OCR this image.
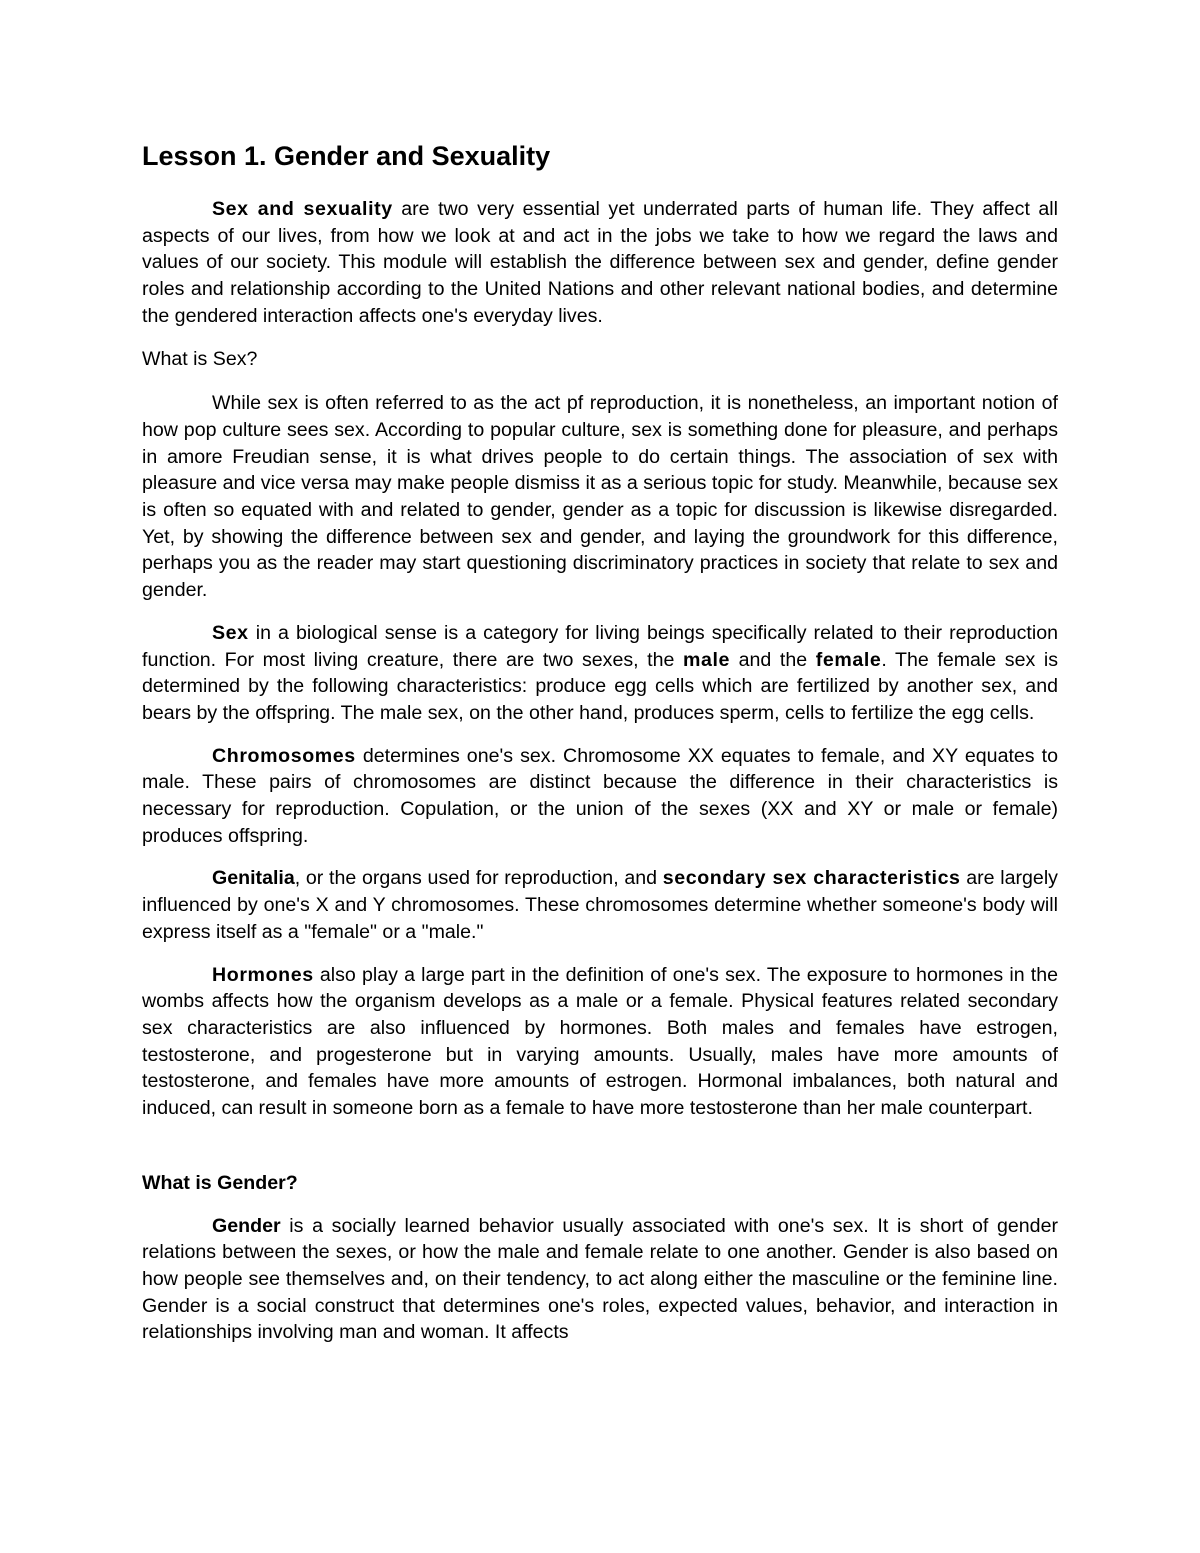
Lesson 1. Gender and Sexuality

Sex and sexuality are two very essential yet underrated parts of human life. They affect all aspects of our lives, from how we look at and act in the jobs we take to how we regard the laws and values of our society. This module will establish the difference between sex and gender, define gender roles and relationship according to the United Nations and other relevant national bodies, and determine the gendered interaction affects one's everyday lives.

What is Sex?

While sex is often referred to as the act pf reproduction, it is nonetheless, an important notion of how pop culture sees sex. According to popular culture, sex is something done for pleasure, and perhaps in amore Freudian sense, it is what drives people to do certain things. The association of sex with pleasure and vice versa may make people dismiss it as a serious topic for study. Meanwhile, because sex is often so equated with and related to gender, gender as a topic for discussion is likewise disregarded. Yet, by showing the difference between sex and gender, and laying the groundwork for this difference, perhaps you as the reader may start questioning discriminatory practices in society that relate to sex and gender.

Sex in a biological sense is a category for living beings specifically related to their reproduction function. For most living creature, there are two sexes, the male and the female. The female sex is determined by the following characteristics: produce egg cells which are fertilized by another sex, and bears by the offspring. The male sex, on the other hand, produces sperm, cells to fertilize the egg cells.

Chromosomes determines one's sex. Chromosome XX equates to female, and XY equates to male. These pairs of chromosomes are distinct because the difference in their characteristics is necessary for reproduction. Copulation, or the union of the sexes (XX and XY or male or female) produces offspring.

Genitalia, or the organs used for reproduction, and secondary sex characteristics are largely influenced by one's X and Y chromosomes. These chromosomes determine whether someone's body will express itself as a "female" or a "male."

Hormones also play a large part in the definition of one's sex. The exposure to hormones in the wombs affects how the organism develops as a male or a female. Physical features related secondary sex characteristics are also influenced by hormones. Both males and females have estrogen, testosterone, and progesterone but in varying amounts. Usually, males have more amounts of testosterone, and females have more amounts of estrogen. Hormonal imbalances, both natural and induced, can result in someone born as a female to have more testosterone than her male counterpart.

What is Gender?

Gender is a socially learned behavior usually associated with one's sex. It is short of gender relations between the sexes, or how the male and female relate to one another. Gender is also based on how people see themselves and, on their tendency, to act along either the masculine or the feminine line. Gender is a social construct that determines one's roles, expected values, behavior, and interaction in relationships involving man and woman. It affects
